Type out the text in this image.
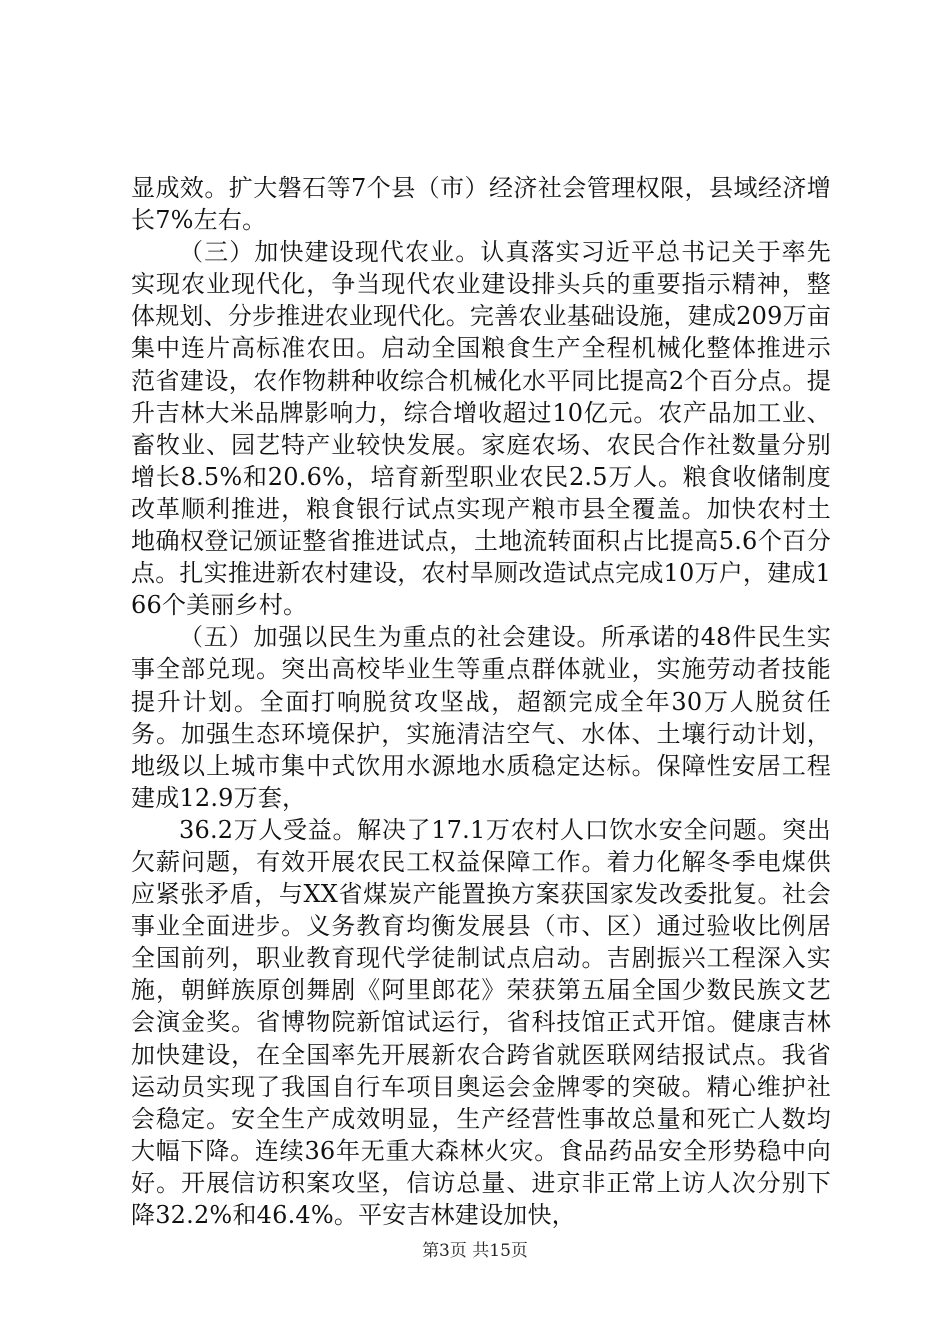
显成效。扩大磐石等7个县（市）经济社会管理权限，县域经济增长7%左右。

（三）加快建设现代农业。认真落实习近平总书记关于率先实现农业现代化，争当现代农业建设排头兵的重要指示精神，整体规划、分步推进农业现代化。完善农业基础设施，建成209万亩集中连片高标准农田。启动全国粮食生产全程机械化整体推进示范省建设，农作物耕种收综合机械化水平同比提高2个百分点。提升吉林大米品牌影响力，综合增收超过10亿元。农产品加工业、畜牧业、园艺特产业较快发展。家庭农场、农民合作社数量分别增长8.5%和20.6%，培育新型职业农民2.5万人。粮食收储制度改革顺利推进，粮食银行试点实现产粮市县全覆盖。加快农村土地确权登记颁证整省推进试点，土地流转面积占比提高5.6个百分点。扎实推进新农村建设，农村旱厕改造试点完成10万户，建成166个美丽乡村。

（五）加强以民生为重点的社会建设。所承诺的48件民生实事全部兑现。突出高校毕业生等重点群体就业，实施劳动者技能提升计划。全面打响脱贫攻坚战，超额完成全年30万人脱贫任务。加强生态环境保护，实施清洁空气、水体、土壤行动计划，地级以上城市集中式饮用水源地水质稳定达标。保障性安居工程建成12.9万套，

36.2万人受益。解决了17.1万农村人口饮水安全问题。突出欠薪问题，有效开展农民工权益保障工作。着力化解冬季电煤供应紧张矛盾，与XX省煤炭产能置换方案获国家发改委批复。社会事业全面进步。义务教育均衡发展县（市、区）通过验收比例居全国前列，职业教育现代学徒制试点启动。吉剧振兴工程深入实施，朝鲜族原创舞剧《阿里郎花》荣获第五届全国少数民族文艺会演金奖。省博物院新馆试运行，省科技馆正式开馆。健康吉林加快建设，在全国率先开展新农合跨省就医联网结报试点。我省运动员实现了我国自行车项目奥运会金牌零的突破。精心维护社会稳定。安全生产成效明显，生产经营性事故总量和死亡人数均大幅下降。连续36年无重大森林火灾。食品药品安全形势稳中向好。开展信访积案攻坚，信访总量、进京非正常上访人次分别下降32.2%和46.4%。平安吉林建设加快，

第3页 共15页
